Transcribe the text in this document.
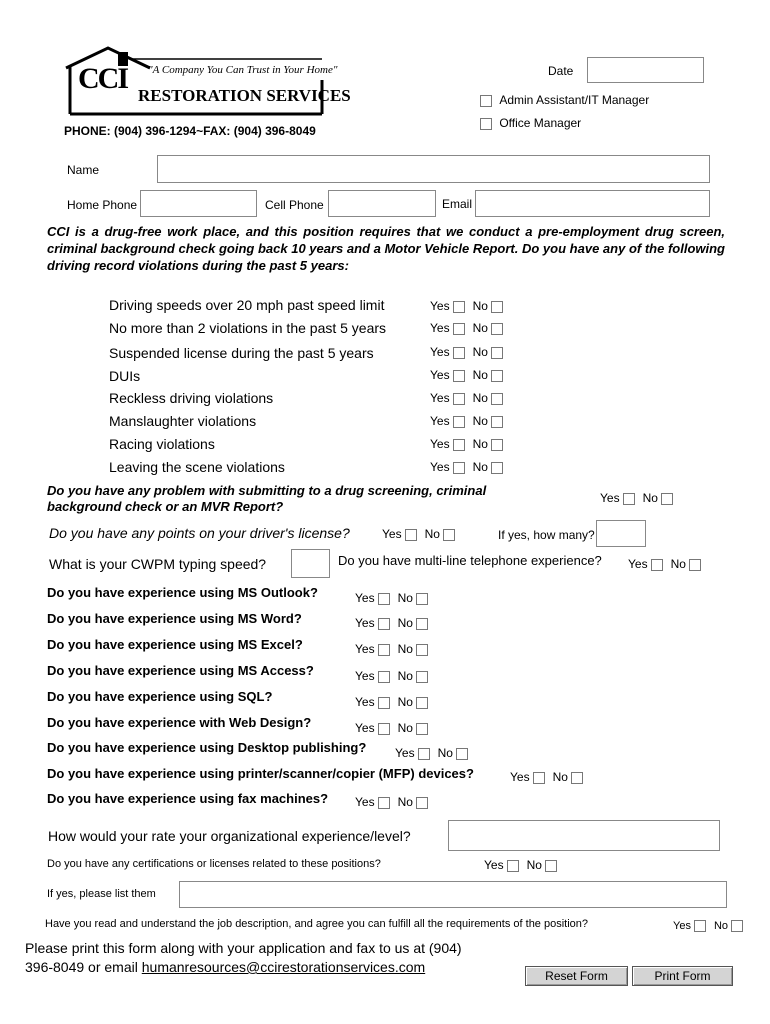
CCI "A Company You Can Trust in Your Home"
RESTORATION SERVICES
PHONE: (904) 396-1294~FAX: (904) 396-8049
Date
Admin Assistant/IT Manager
Office Manager
Name
Home Phone	Cell Phone	Email
CCI is a drug-free work place, and this position requires that we conduct a pre-employment drug screen, criminal background check going back 10 years and a Motor Vehicle Report. Do you have any of the following driving record violations during the past 5 years:
Driving speeds over 20 mph past speed limit	Yes No
No more than 2 violations in the past 5 years	Yes No
Suspended license during the past 5 years	Yes No
DUIs	Yes No
Reckless driving violations	Yes No
Manslaughter violations	Yes No
Racing violations	Yes No
Leaving the scene violations	Yes No
Do you have any problem with submitting to a drug screening, criminal background check or an MVR Report?
Yes No
Do you have any points on your driver's license?	Yes No	If yes, how many?
What is your CWPM typing speed?	Do you have multi-line telephone experience? Yes No
Do you have experience using MS Outlook?	Yes No
Do you have experience using MS Word?	Yes No
Do you have experience using MS Excel?	Yes No
Do you have experience using MS Access?	Yes No
Do you have experience using SQL?	Yes No
Do you have experience with Web Design?	Yes No
Do you have experience using Desktop publishing? Yes No
Do you have experience using printer/scanner/copier (MFP) devices?	Yes No
Do you have experience using fax machines? Yes No
How would your rate your organizational experience/level?
Do you have any certifications or licenses related to these positions?	Yes No
If yes, please list them
Have you read and understand the job description, and agree you can fulfill all the requirements of the position?	Yes No
Please print this form along with your application and fax to us at (904)
396-8049 or email humanresources@ccirestorationservices.com
Reset Form	Print Form
